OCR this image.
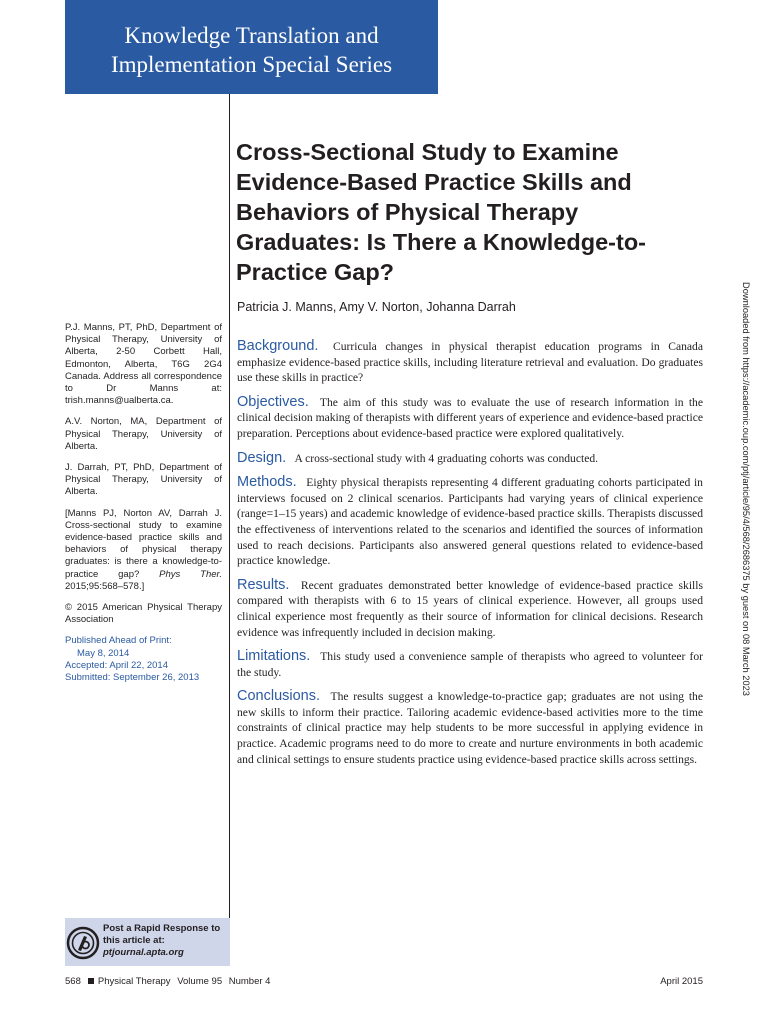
Knowledge Translation and
Implementation Special Series
Cross-Sectional Study to Examine
Evidence-Based Practice Skills and
Behaviors of Physical Therapy
Graduates: Is There a Knowledge-to-
Practice Gap?
Patricia J. Manns, Amy V. Norton, Johanna Darrah

P.J. Manns, PT, PhD, Department of Physical Therapy, University of Alberta, 2-50 Corbett Hall, Edmonton, Alberta, T6G 2G4 Canada. Address all correspondence to Dr Manns at: trish.manns@ualberta.ca.

A.V. Norton, MA, Department of Physical Therapy, University of Alberta.

J. Darrah, PT, PhD, Department of Physical Therapy, University of Alberta.

[Manns PJ, Norton AV, Darrah J. Cross-sectional study to examine evidence-based practice skills and behaviors of physical therapy graduates: is there a knowledge-to-practice gap? Phys Ther. 2015;95:568–578.]

© 2015 American Physical Therapy Association

Published Ahead of Print:
May 8, 2014
Accepted: April 22, 2014
Submitted: September 26, 2013

Background. Curricula changes in physical therapist education programs in Canada emphasize evidence-based practice skills, including literature retrieval and evaluation. Do graduates use these skills in practice?

Objectives. The aim of this study was to evaluate the use of research information in the clinical decision making of therapists with different years of experience and evidence-based practice preparation. Perceptions about evidence-based practice were explored qualitatively.

Design. A cross-sectional study with 4 graduating cohorts was conducted.

Methods. Eighty physical therapists representing 4 different graduating cohorts participated in interviews focused on 2 clinical scenarios. Participants had varying years of clinical experience (range=1–15 years) and academic knowledge of evidence-based practice skills. Therapists discussed the effectiveness of interventions related to the scenarios and identified the sources of information used to reach decisions. Participants also answered general questions related to evidence-based practice knowledge.

Results. Recent graduates demonstrated better knowledge of evidence-based practice skills compared with therapists with 6 to 15 years of clinical experience. However, all groups used clinical experience most frequently as their source of information for clinical decisions. Research evidence was infrequently included in decision making.

Limitations. This study used a convenience sample of therapists who agreed to volunteer for the study.

Conclusions. The results suggest a knowledge-to-practice gap; graduates are not using the new skills to inform their practice. Tailoring academic evidence-based activities more to the time constraints of clinical practice may help students to be more successful in applying evidence in practice. Academic programs need to do more to create and nurture environments in both academic and clinical settings to ensure students practice using evidence-based practice skills across settings.

Post a Rapid Response to
this article at:
ptjournal.apta.org
568 Physical Therapy Volume 95 Number 4	April 2015
Downloaded from https://academic.oup.com/ptj/article/95/4/568/2686375 by guest on 08 March 2023
